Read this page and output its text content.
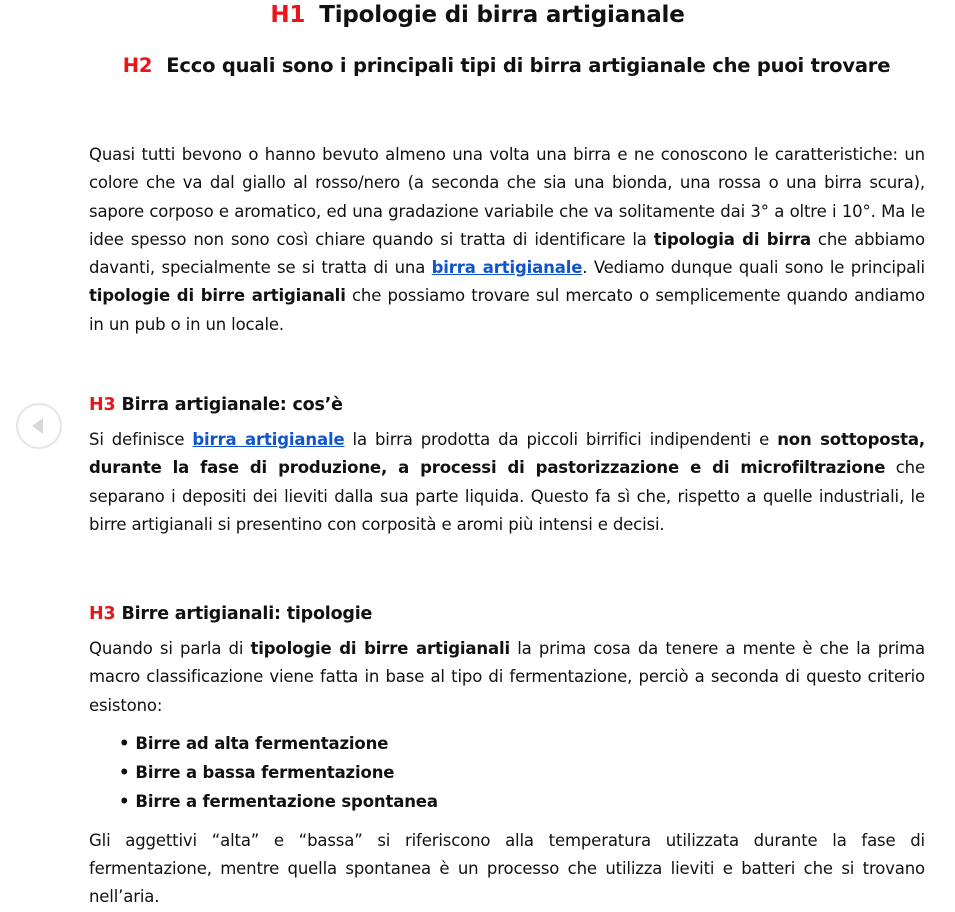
H1 Tipologie di birra artigianale
H2 Ecco quali sono i principali tipi di birra artigianale che puoi trovare

Quasi tutti bevono o hanno bevuto almeno una volta una birra e ne conoscono le caratteristiche: un colore che va dal giallo al rosso/nero (a seconda che sia una bionda, una rossa o una birra scura), sapore corposo e aromatico, ed una gradazione variabile che va solitamente dai 3° a oltre i 10°. Ma le idee spesso non sono così chiare quando si tratta di identificare la tipologia di birra che abbiamo davanti, specialmente se si tratta di una birra artigianale. Vediamo dunque quali sono le principali tipologie di birre artigianali che possiamo trovare sul mercato o semplicemente quando andiamo in un pub o in un locale.

H3 Birra artigianale: cos’è

Si definisce birra artigianale la birra prodotta da piccoli birrifici indipendenti e non sottoposta, durante la fase di produzione, a processi di pastorizzazione e di microfiltrazione che separano i depositi dei lieviti dalla sua parte liquida. Questo fa sì che, rispetto a quelle industriali, le birre artigianali si presentino con corposità e aromi più intensi e decisi.

H3 Birre artigianali: tipologie

Quando si parla di tipologie di birre artigianali la prima cosa da tenere a mente è che la prima macro classificazione viene fatta in base al tipo di fermentazione, perciò a seconda di questo criterio esistono:

• Birre ad alta fermentazione
• Birre a bassa fermentazione
• Birre a fermentazione spontanea

Gli aggettivi “alta” e “bassa” si riferiscono alla temperatura utilizzata durante la fase di fermentazione, mentre quella spontanea è un processo che utilizza lieviti e batteri che si trovano nell’aria.
